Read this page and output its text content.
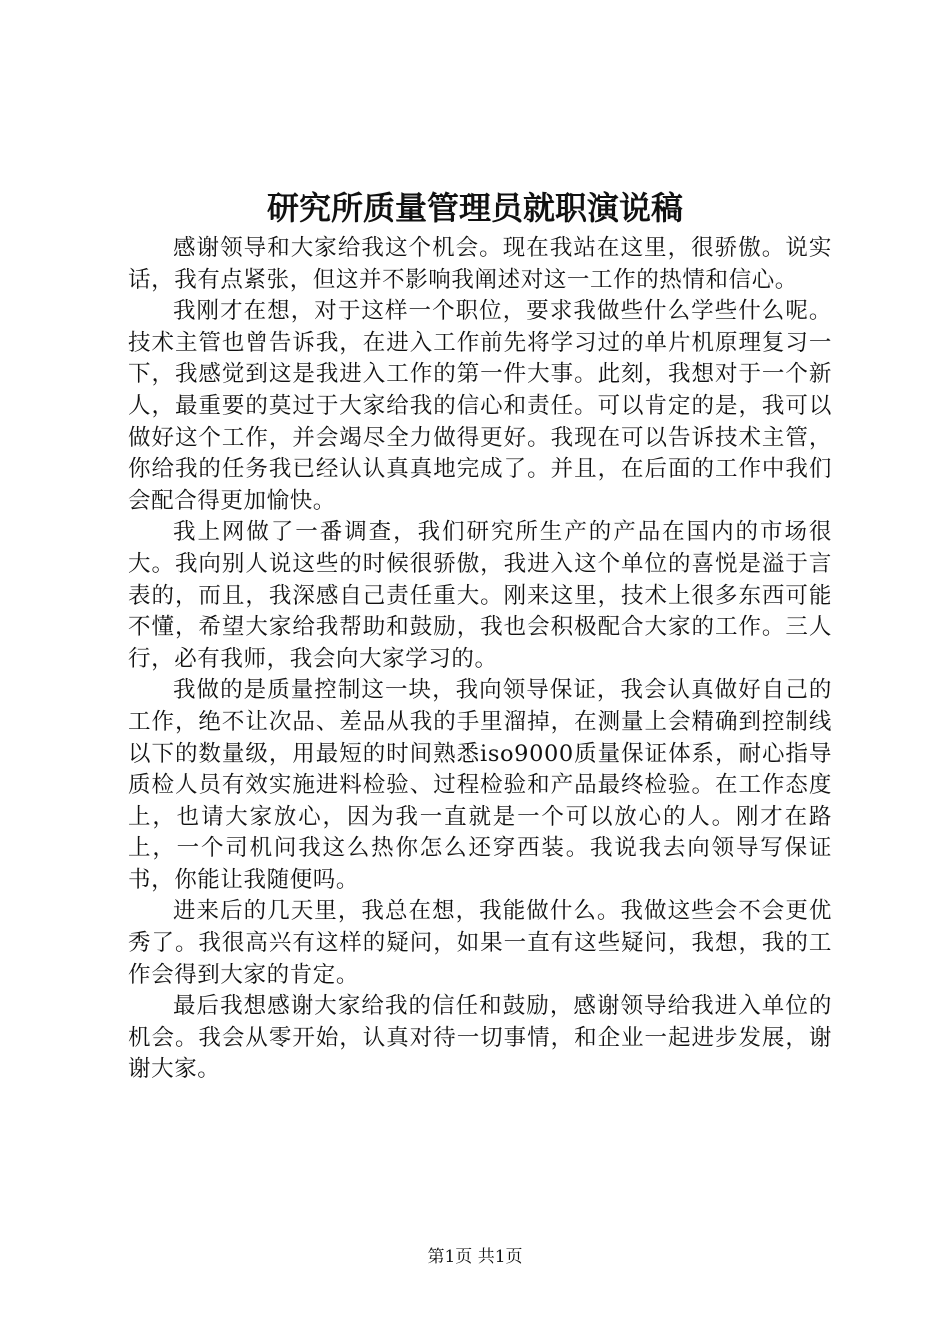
研究所质量管理员就职演说稿

感谢领导和大家给我这个机会。现在我站在这里，很骄傲。说实话，我有点紧张，但这并不影响我阐述对这一工作的热情和信心。

我刚才在想，对于这样一个职位，要求我做些什么学些什么呢。技术主管也曾告诉我，在进入工作前先将学习过的单片机原理复习一下，我感觉到这是我进入工作的第一件大事。此刻，我想对于一个新人，最重要的莫过于大家给我的信心和责任。可以肯定的是，我可以做好这个工作，并会竭尽全力做得更好。我现在可以告诉技术主管，你给我的任务我已经认认真真地完成了。并且，在后面的工作中我们会配合得更加愉快。

我上网做了一番调查，我们研究所生产的产品在国内的市场很大。我向别人说这些的时候很骄傲，我进入这个单位的喜悦是溢于言表的，而且，我深感自己责任重大。刚来这里，技术上很多东西可能不懂，希望大家给我帮助和鼓励，我也会积极配合大家的工作。三人行，必有我师，我会向大家学习的。

我做的是质量控制这一块，我向领导保证，我会认真做好自己的工作，绝不让次品、差品从我的手里溜掉，在测量上会精确到控制线以下的数量级，用最短的时间熟悉iso9000质量保证体系，耐心指导质检人员有效实施进料检验、过程检验和产品最终检验。在工作态度上，也请大家放心，因为我一直就是一个可以放心的人。刚才在路上，一个司机问我这么热你怎么还穿西装。我说我去向领导写保证书，你能让我随便吗。

进来后的几天里，我总在想，我能做什么。我做这些会不会更优秀了。我很高兴有这样的疑问，如果一直有这些疑问，我想，我的工作会得到大家的肯定。

最后我想感谢大家给我的信任和鼓励，感谢领导给我进入单位的机会。我会从零开始，认真对待一切事情，和企业一起进步发展，谢谢大家。

第1页 共1页
